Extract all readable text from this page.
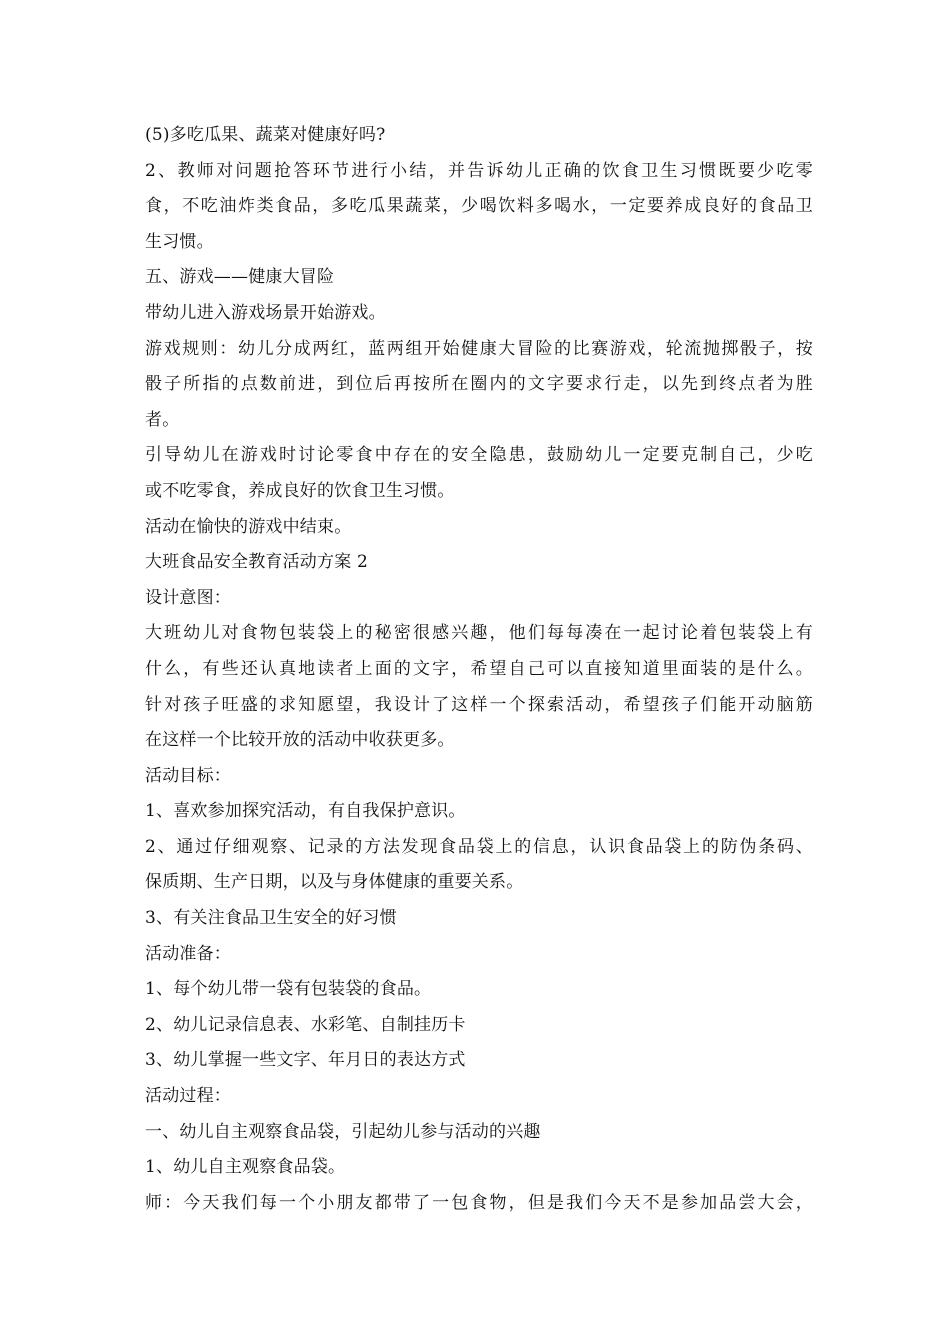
(5)多吃瓜果、蔬菜对健康好吗?
2、教师对问题抢答环节进行小结，并告诉幼儿正确的饮食卫生习惯既要少吃零
食，不吃油炸类食品，多吃瓜果蔬菜，少喝饮料多喝水，一定要养成良好的食品卫
生习惯。
五、游戏——健康大冒险
带幼儿进入游戏场景开始游戏。
游戏规则：幼儿分成两红，蓝两组开始健康大冒险的比赛游戏，轮流抛掷骰子，按
骰子所指的点数前进，到位后再按所在圈内的文字要求行走，以先到终点者为胜
者。
引导幼儿在游戏时讨论零食中存在的安全隐患，鼓励幼儿一定要克制自己，少吃
或不吃零食，养成良好的饮食卫生习惯。
活动在愉快的游戏中结束。
大班食品安全教育活动方案 2
设计意图：
大班幼儿对食物包装袋上的秘密很感兴趣，他们每每凑在一起讨论着包装袋上有
什么，有些还认真地读者上面的文字，希望自己可以直接知道里面装的是什么。
针对孩子旺盛的求知愿望，我设计了这样一个探索活动，希望孩子们能开动脑筋
在这样一个比较开放的活动中收获更多。
活动目标：
1、喜欢参加探究活动，有自我保护意识。
2、通过仔细观察、记录的方法发现食品袋上的信息，认识食品袋上的防伪条码、
保质期、生产日期，以及与身体健康的重要关系。
3、有关注食品卫生安全的好习惯
活动准备：
1、每个幼儿带一袋有包装袋的食品。
2、幼儿记录信息表、水彩笔、自制挂历卡
3、幼儿掌握一些文字、年月日的表达方式
活动过程：
一、幼儿自主观察食品袋，引起幼儿参与活动的兴趣
1、幼儿自主观察食品袋。
师：今天我们每一个小朋友都带了一包食物，但是我们今天不是参加品尝大会，
